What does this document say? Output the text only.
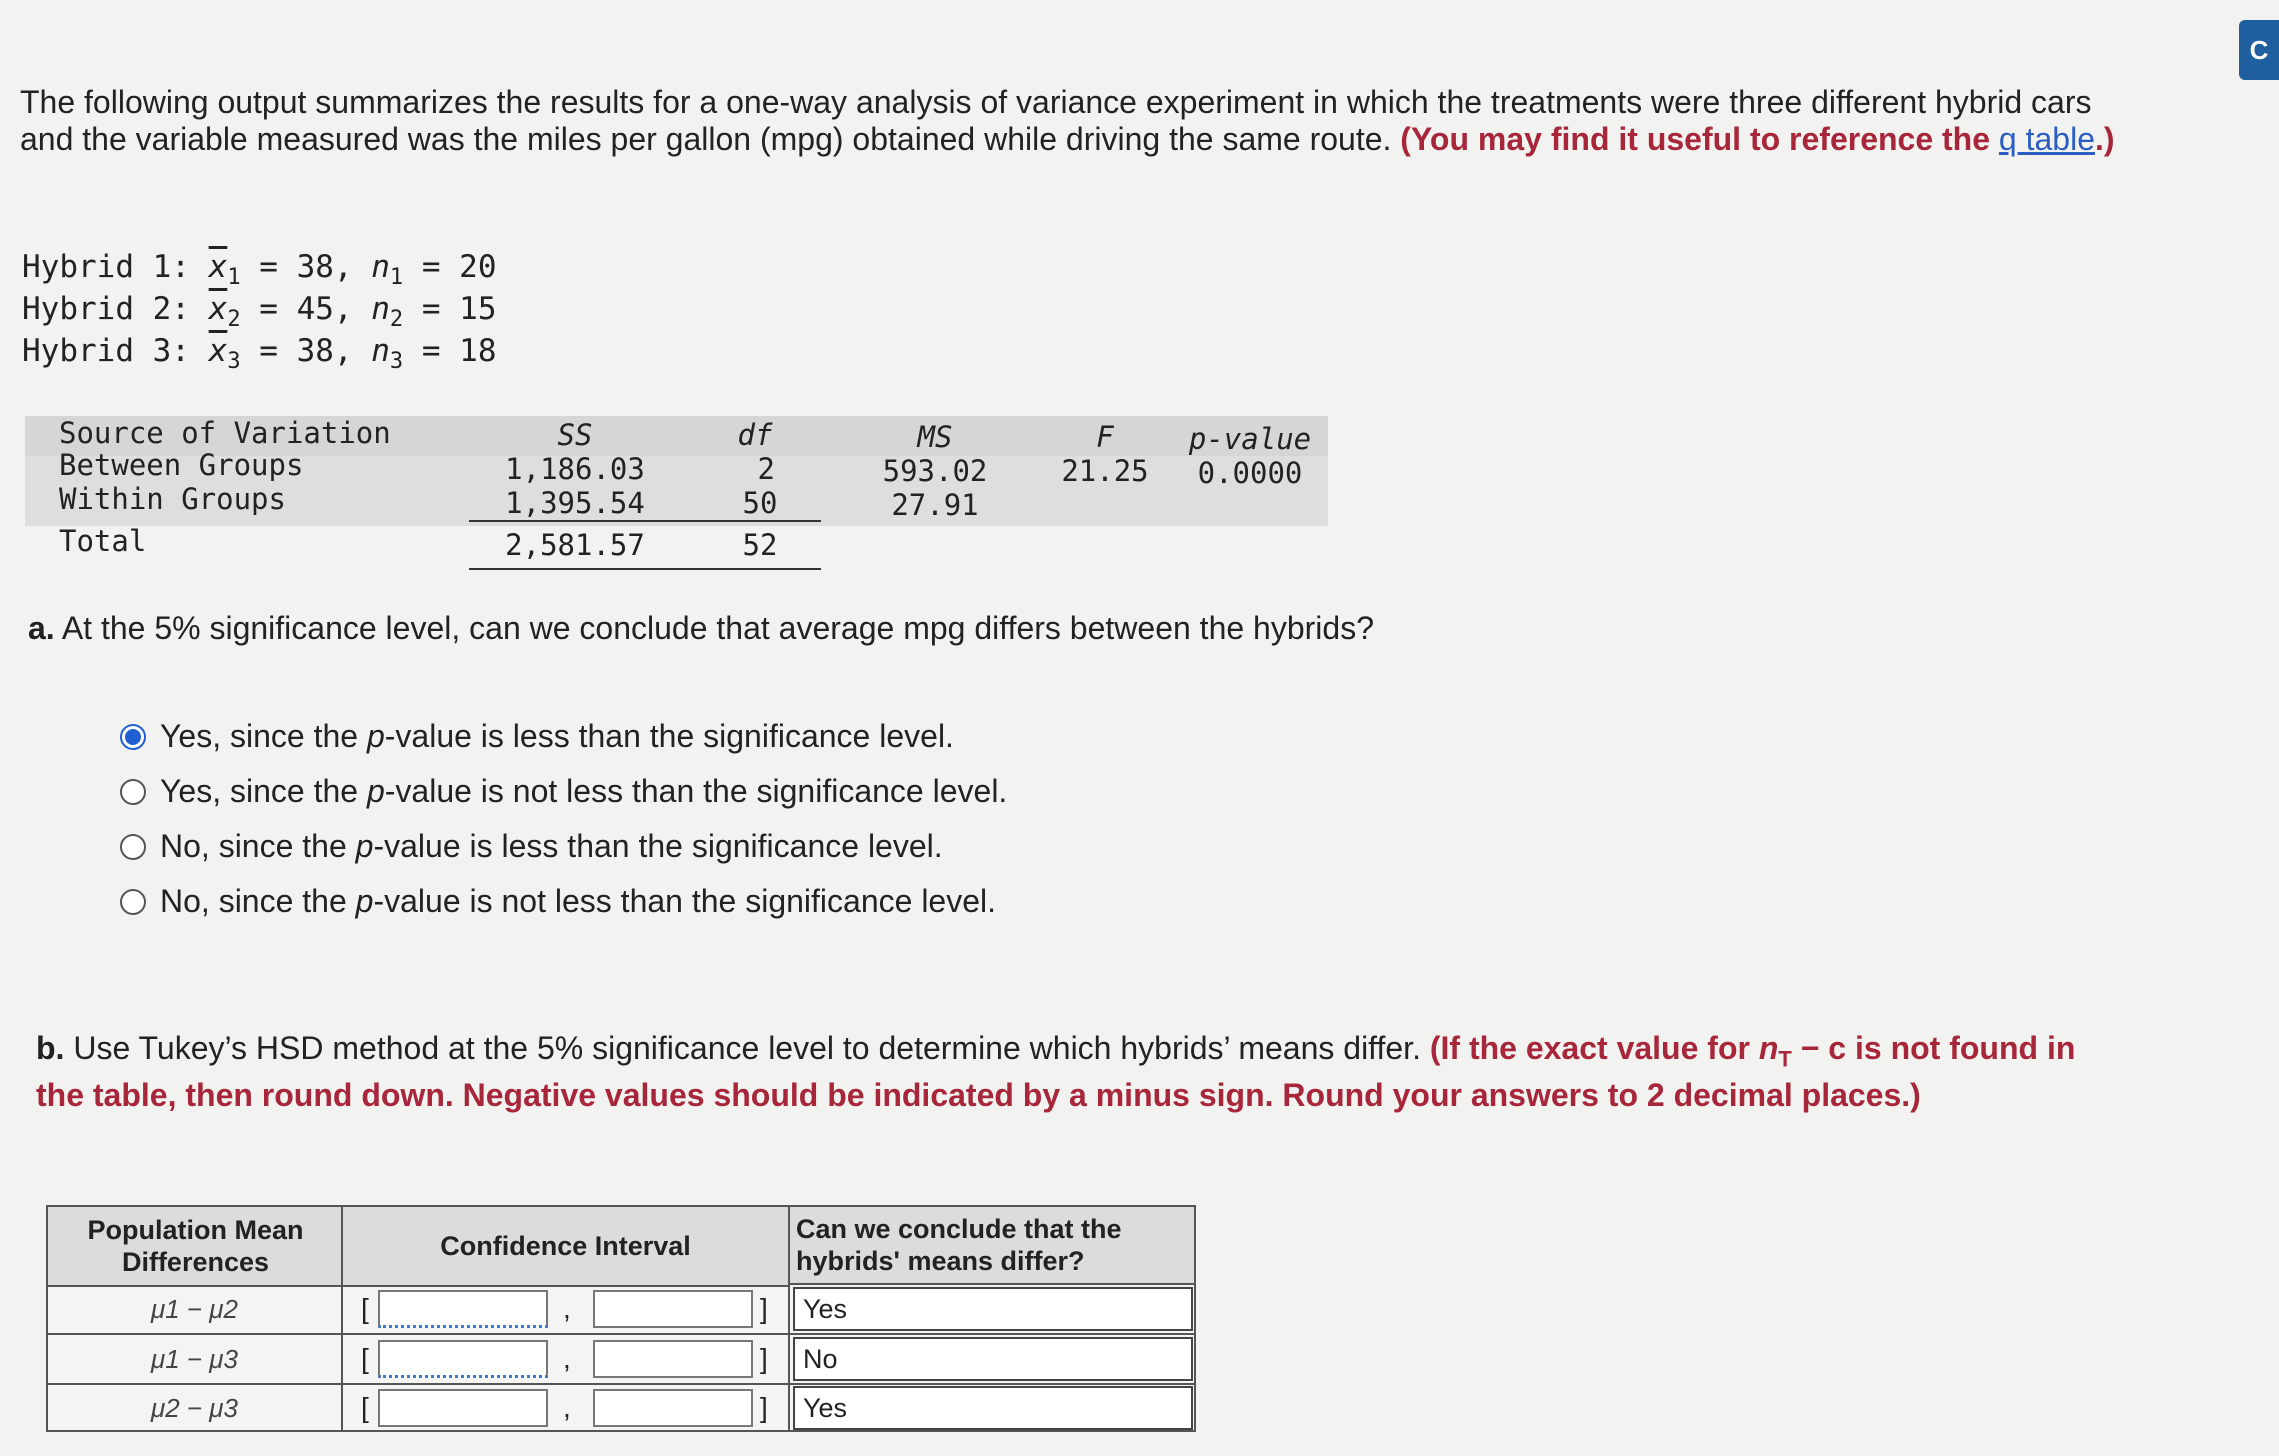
The following output summarizes the results for a one-way analysis of variance experiment in which the treatments were three different hybrid cars and the variable measured was the miles per gallon (mpg) obtained while driving the same route. (You may find it useful to reference the q table.)
Hybrid 1: $\overline{x}_1 = 38$, $n_1 = 20$
Hybrid 2: $\overline{x}_2 = 45$, $n_2 = 15$
Hybrid 3: $\overline{x}_3 = 38$, $n_3 = 18$
Source of Variation	SS	df	MS	F	p-value
Between Groups	1,186.03	2	593.02	21.25	0.0000
Within Groups	1,395.54	50	27.91
Total	2,581.57	52
a. At the 5% significance level, can we conclude that average mpg differs between the hybrids?
Yes, since the p-value is less than the significance level.
Yes, since the p-value is not less than the significance level.
No, since the p-value is less than the significance level.
No, since the p-value is not less than the significance level.
b. Use Tukey’s HSD method at the 5% significance level to determine which hybrids’ means differ. (If the exact value for $n_T - c$ is not found in the table, then round down. Negative values should be indicated by a minus sign. Round your answers to 2 decimal places.)
Population Mean Differences
Confidence Interval
Can we conclude that the hybrids' means differ?
μ1 − μ2	[	,	]	Yes
μ1 − μ3	[	,	]	No
μ2 − μ3	[	,	]	Yes
C
